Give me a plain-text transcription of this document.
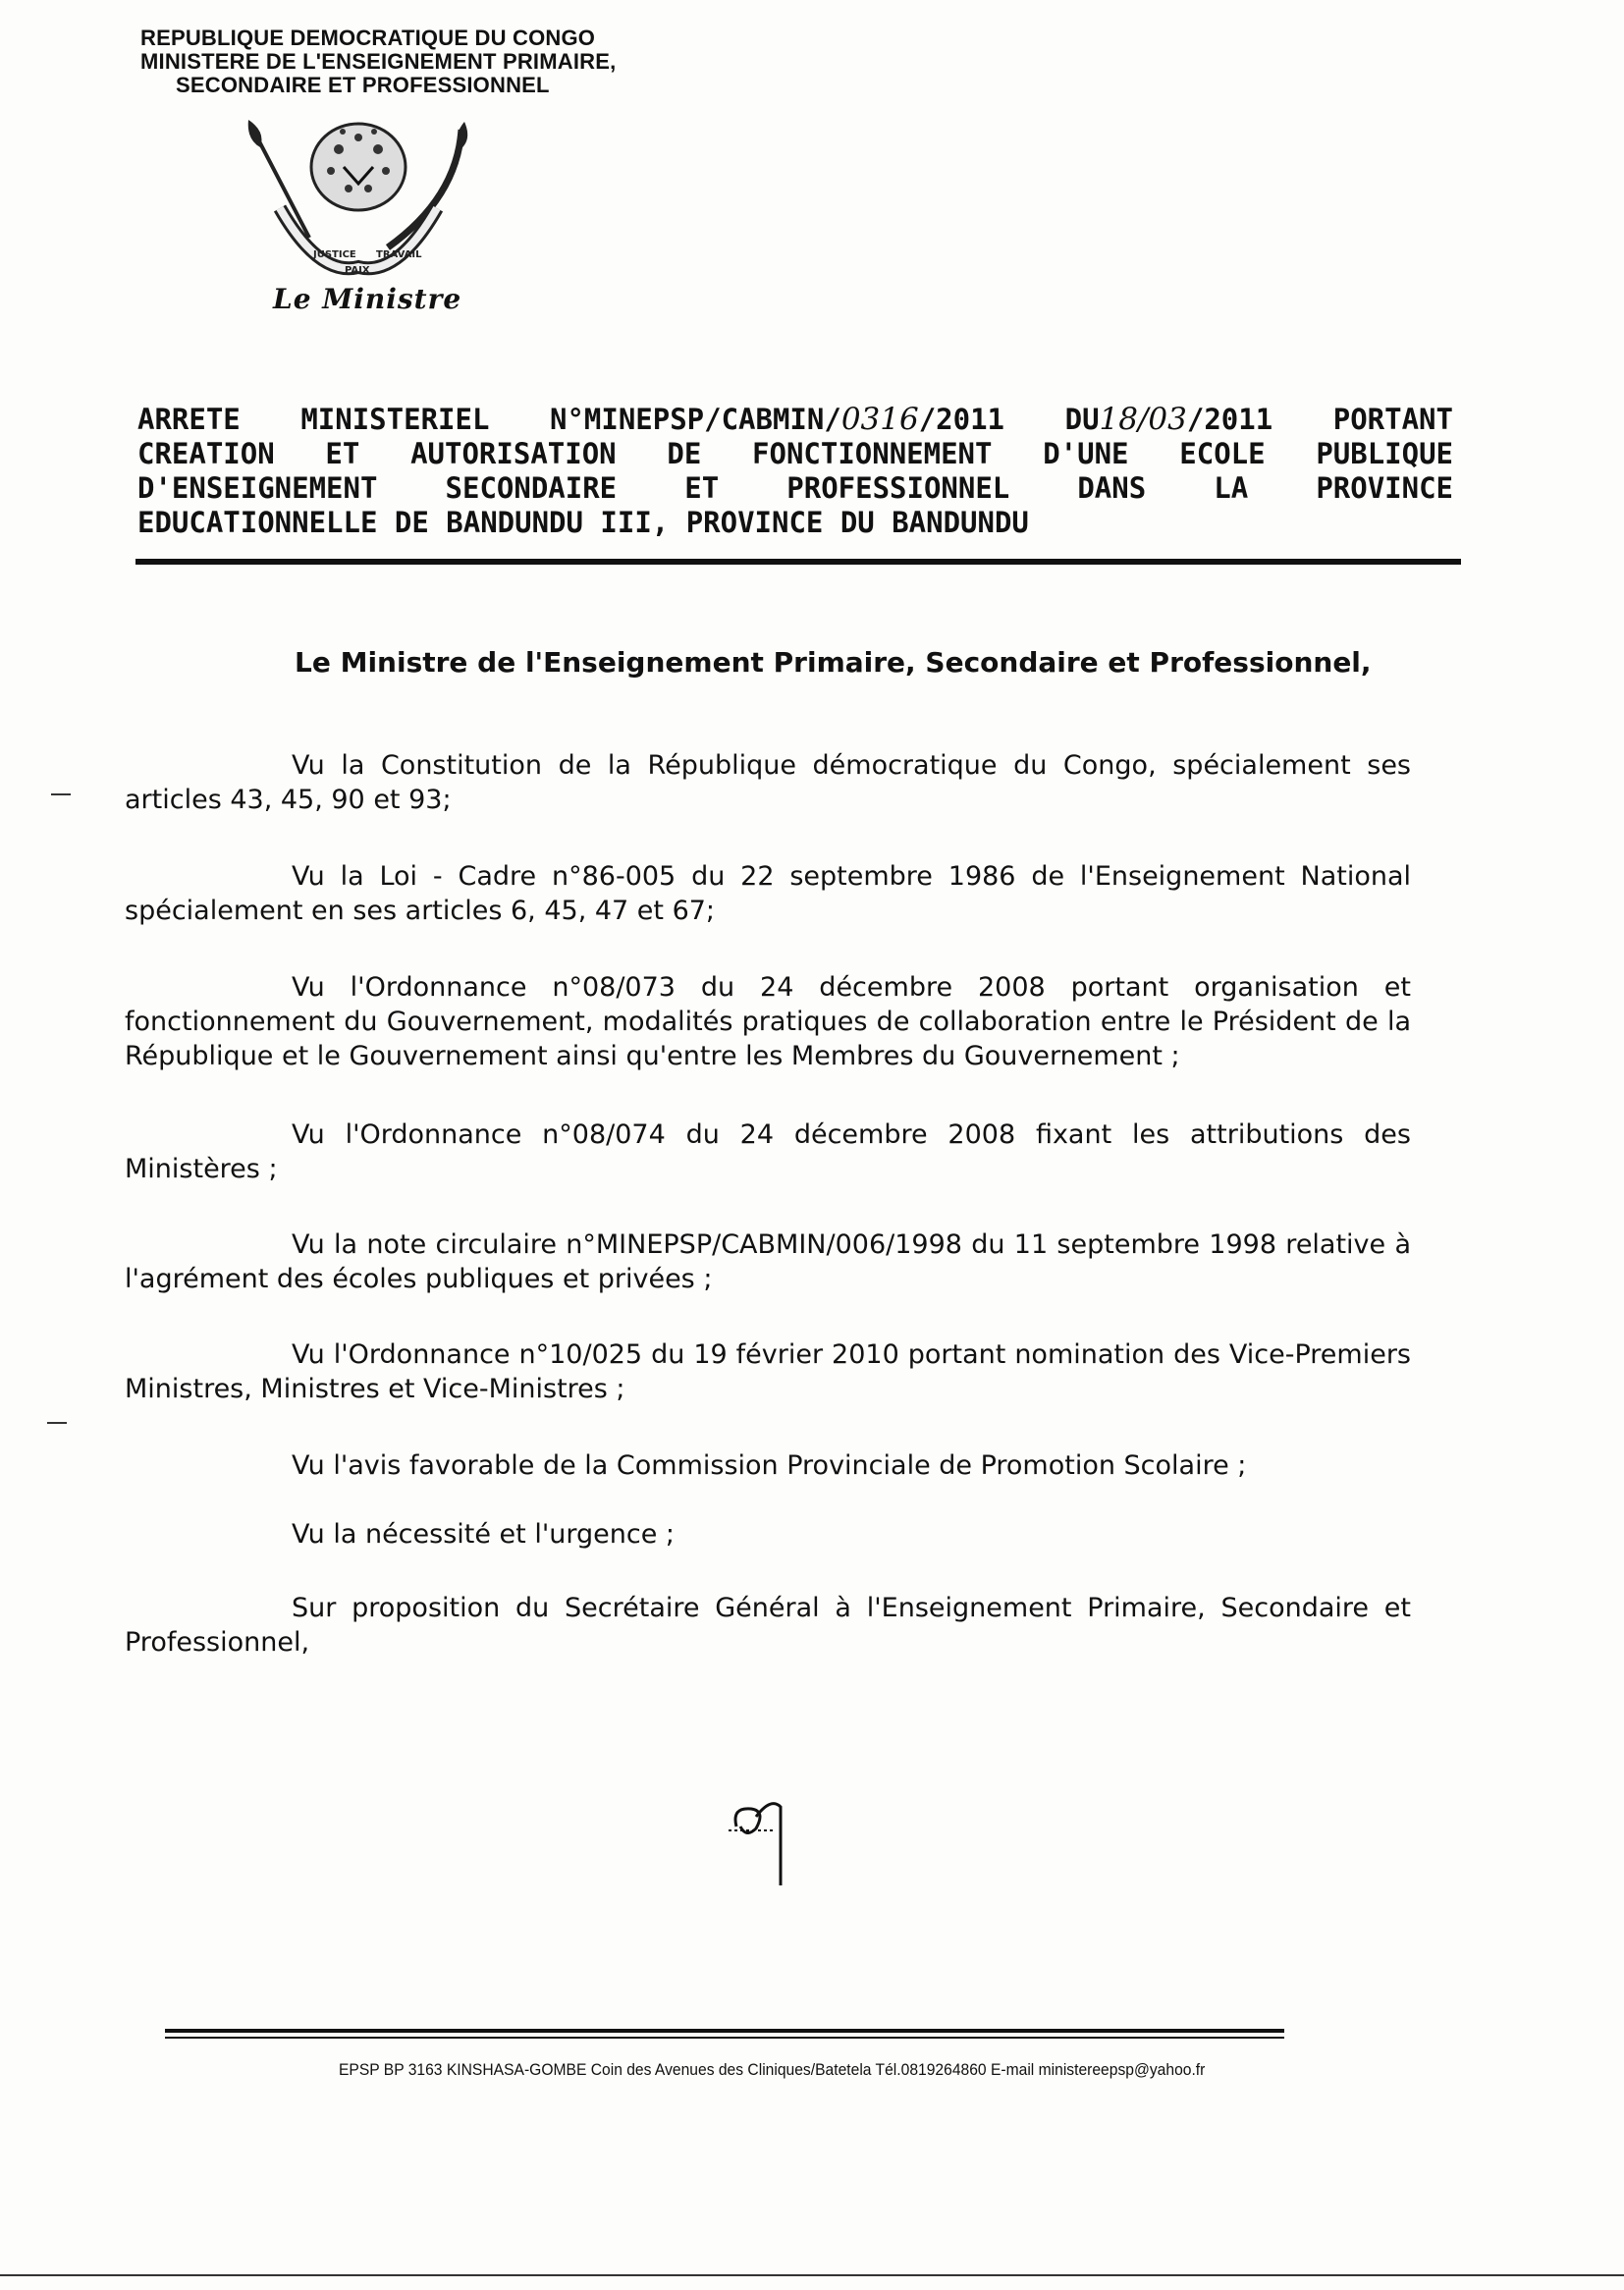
REPUBLIQUE DEMOCRATIQUE DU CONGO
MINISTERE DE L'ENSEIGNEMENT PRIMAIRE,
SECONDAIRE ET PROFESSIONNEL
JUSTICE
PAIX
TRAVAIL
Le Ministre
ARRETE MINISTERIEL N°MINEPSP/CABMIN/0316/2011 DU18/03/2011 PORTANT
CREATION ET AUTORISATION DE FONCTIONNEMENT D'UNE ECOLE PUBLIQUE
D'ENSEIGNEMENT SECONDAIRE ET PROFESSIONNEL DANS LA PROVINCE
EDUCATIONNELLE DE BANDUNDU III, PROVINCE DU BANDUNDU
Le Ministre de l'Enseignement Primaire, Secondaire et Professionnel,
Vu la Constitution de la République démocratique du Congo, spécialement ses articles 43, 45, 90 et 93;
Vu la Loi - Cadre n°86-005 du 22 septembre 1986 de l'Enseignement National spécialement en ses articles 6, 45, 47 et 67;
Vu l'Ordonnance n°08/073 du 24 décembre 2008 portant organisation et fonctionnement du Gouvernement, modalités pratiques de collaboration entre le Président de la République et le Gouvernement ainsi qu'entre les Membres du Gouvernement ;
Vu l'Ordonnance n°08/074 du 24 décembre 2008 fixant les attributions des Ministères ;
Vu la note circulaire n°MINEPSP/CABMIN/006/1998 du 11 septembre 1998 relative à l'agrément des écoles publiques et privées ;
Vu l'Ordonnance n°10/025 du 19 février 2010 portant nomination des Vice-Premiers Ministres, Ministres et Vice-Ministres ;
Vu l'avis favorable de la Commission Provinciale de Promotion Scolaire ;
Vu la nécessité et l'urgence ;
Sur proposition du Secrétaire Général à l'Enseignement Primaire, Secondaire et Professionnel,
EPSP BP 3163 KINSHASA-GOMBE Coin des Avenues des Cliniques/Batetela Tél.0819264860 E-mail ministereepsp@yahoo.fr
